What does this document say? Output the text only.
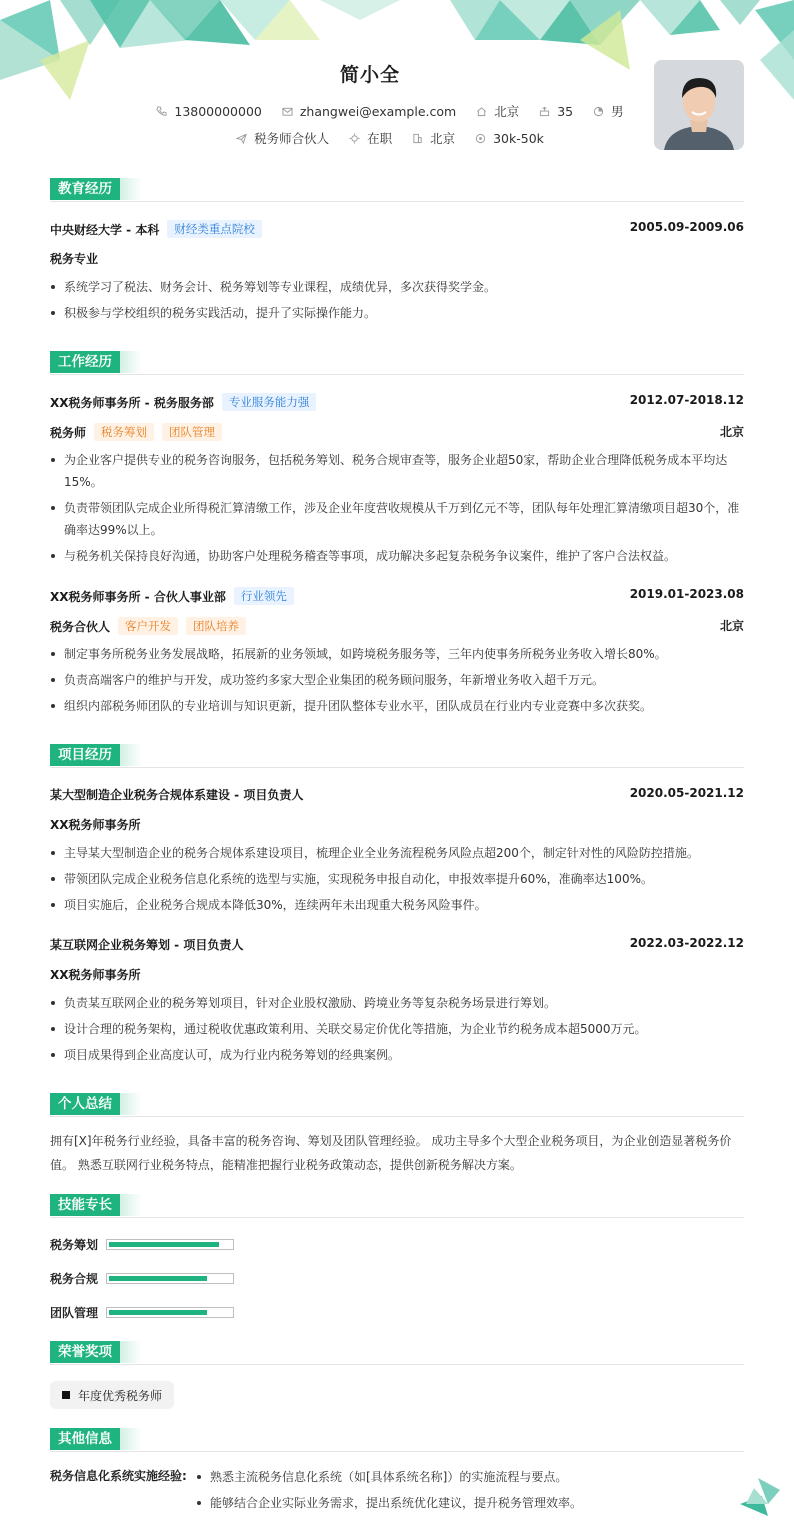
简小全
13800000000
	zhangwei@example.com
	北京
	35
	男
税务师合伙人
	在职
	北京
	30k-50k
教育经历
中央财经大学 - 本科	财经类重点院校	2005.09-2009.06
税务专业
系统学习了税法、财务会计、税务筹划等专业课程，成绩优异，多次获得奖学金。
积极参与学校组织的税务实践活动，提升了实际操作能力。
工作经历
XX税务师事务所 - 税务服务部	专业服务能力强	2012.07-2018.12
税务师	税务筹划	团队管理	北京
为企业客户提供专业的税务咨询服务，包括税务筹划、税务合规审查等，服务企业超50家，帮助企业合理降低税务成本平均达15%。
负责带领团队完成企业所得税汇算清缴工作，涉及企业年度营收规模从千万到亿元不等，团队每年处理汇算清缴项目超30个，准确率达99%以上。
与税务机关保持良好沟通，协助客户处理税务稽查等事项，成功解决多起复杂税务争议案件，维护了客户合法权益。
XX税务师事务所 - 合伙人事业部	行业领先	2019.01-2023.08
税务合伙人	客户开发	团队培养	北京
制定事务所税务业务发展战略，拓展新的业务领域，如跨境税务服务等，三年内使事务所税务业务收入增长80%。
负责高端客户的维护与开发，成功签约多家大型企业集团的税务顾问服务，年新增业务收入超千万元。
组织内部税务师团队的专业培训与知识更新，提升团队整体专业水平，团队成员在行业内专业竞赛中多次获奖。
项目经历
某大型制造企业税务合规体系建设 - 项目负责人	2020.05-2021.12
XX税务师事务所
主导某大型制造企业的税务合规体系建设项目，梳理企业全业务流程税务风险点超200个，制定针对性的风险防控措施。
带领团队完成企业税务信息化系统的选型与实施，实现税务申报自动化，申报效率提升60%，准确率达100%。
项目实施后，企业税务合规成本降低30%，连续两年未出现重大税务风险事件。
某互联网企业税务筹划 - 项目负责人	2022.03-2022.12
XX税务师事务所
负责某互联网企业的税务筹划项目，针对企业股权激励、跨境业务等复杂税务场景进行筹划。
设计合理的税务架构，通过税收优惠政策利用、关联交易定价优化等措施，为企业节约税务成本超5000万元。
项目成果得到企业高度认可，成为行业内税务筹划的经典案例。
个人总结
拥有[X]年税务行业经验，具备丰富的税务咨询、筹划及团队管理经验。 成功主导多个大型企业税务项目，为企业创造显著税务价值。 熟悉互联网行业税务特点，能精准把握行业税务政策动态，提供创新税务解决方案。
技能专长
税务筹划
税务合规
团队管理
荣誉奖项
年度优秀税务师
其他信息
税务信息化系统实施经验:	熟悉主流税务信息化系统（如[具体系统名称]）的实施流程与要点。
能够结合企业实际业务需求，提出系统优化建议，提升税务管理效率。
